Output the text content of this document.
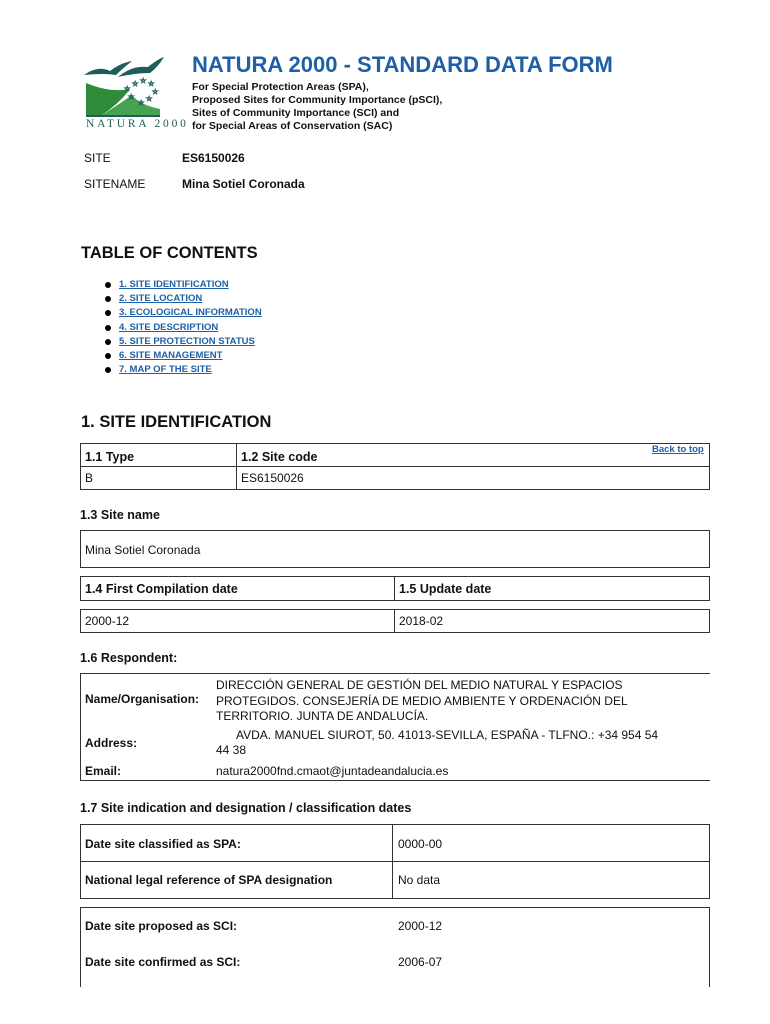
☆
☆ ☆ ☆
☆
☆
☆
☆
NATURA 2000
NATURA 2000 - STANDARD DATA FORM
For Special Protection Areas (SPA),
Proposed Sites for Community Importance (pSCI),
Sites of Community Importance (SCI) and
for Special Areas of Conservation (SAC)
SITE	ES6150026
SITENAME	Mina Sotiel Coronada
TABLE OF CONTENTS
1. SITE IDENTIFICATION
2. SITE LOCATION
3. ECOLOGICAL INFORMATION
4. SITE DESCRIPTION
5. SITE PROTECTION STATUS
6. SITE MANAGEMENT
7. MAP OF THE SITE
1. SITE IDENTIFICATION
Back to top
1.1 Type	1.2 Site code
B	ES6150026
1.3 Site name
Mina Sotiel Coronada
1.4 First Compilation date	1.5 Update date
2000-12	2018-02
1.6 Respondent:
Name/Organisation:
DIRECCIÓN GENERAL DE GESTIÓN DEL MEDIO NATURAL Y ESPACIOS
PROTEGIDOS. CONSEJERÍA DE MEDIO AMBIENTE Y ORDENACIÓN DEL
TERRITORIO. JUNTA DE ANDALUCÍA.
Address:
AVDA. MANUEL SIUROT, 50. 41013-SEVILLA, ESPAÑA - TLFNO.: +34 954 54
44 38
Email:	natura2000fnd.cmaot@juntadeandalucia.es
1.7 Site indication and designation / classification dates
Date site classified as SPA:	0000-00
National legal reference of SPA designation	No data
Date site proposed as SCI:	2000-12
Date site confirmed as SCI:	2006-07
